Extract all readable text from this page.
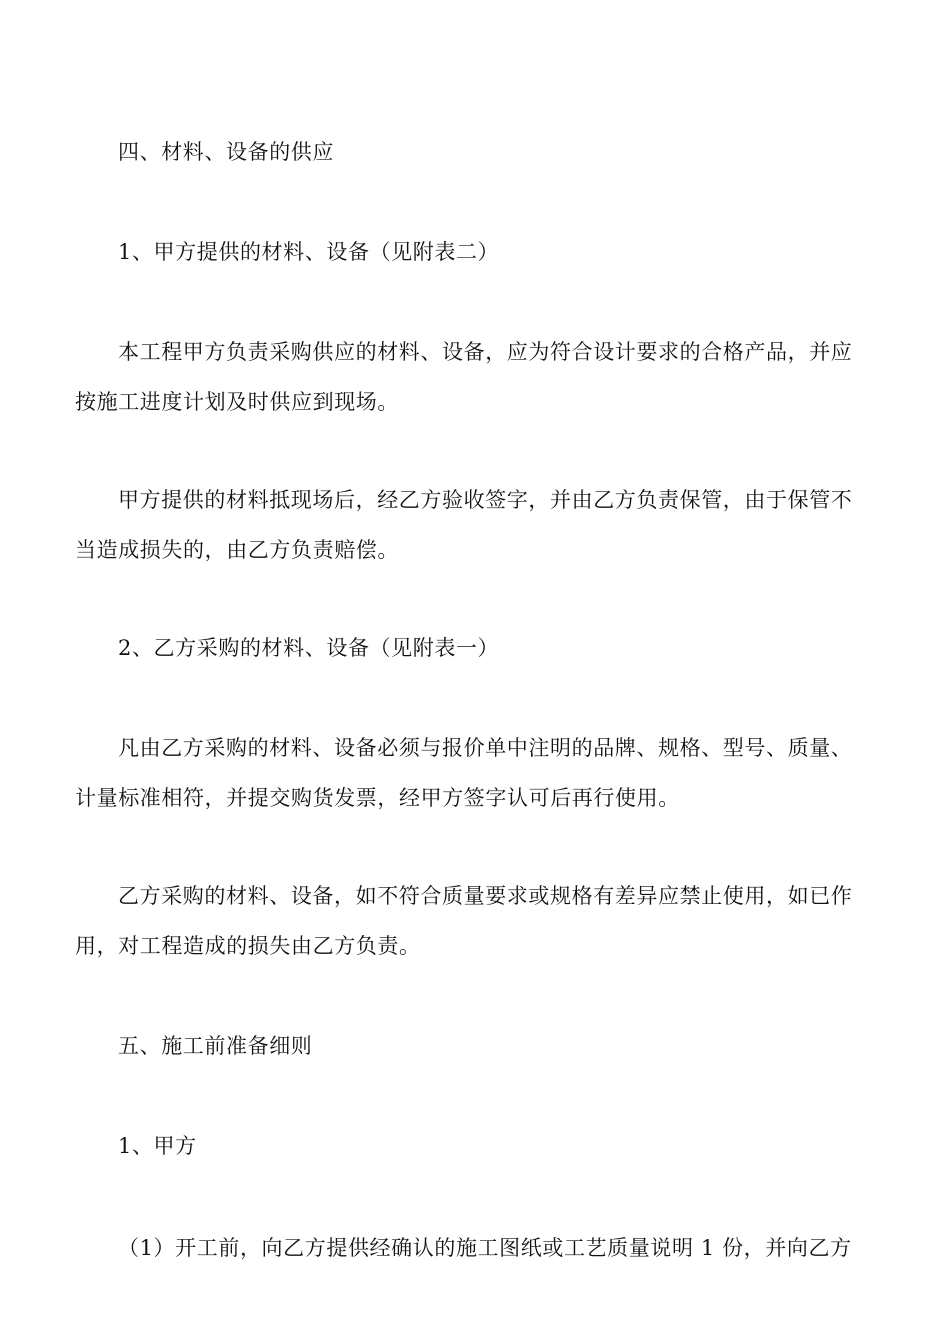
四、材料、设备的供应
1、甲方提供的材料、设备（见附表二）
本工程甲方负责采购供应的材料、设备，应为符合设计要求的合格产品，并应
按施工进度计划及时供应到现场。
甲方提供的材料抵现场后，经乙方验收签字，并由乙方负责保管，由于保管不
当造成损失的，由乙方负责赔偿。
2、乙方采购的材料、设备（见附表一）
凡由乙方采购的材料、设备必须与报价单中注明的品牌、规格、型号、质量、
计量标准相符，并提交购货发票，经甲方签字认可后再行使用。
乙方采购的材料、设备，如不符合质量要求或规格有差异应禁止使用，如已作
用，对工程造成的损失由乙方负责。
五、施工前准备细则
1、甲方
（1）开工前，向乙方提供经确认的施工图纸或工艺质量说明 1 份，并向乙方
